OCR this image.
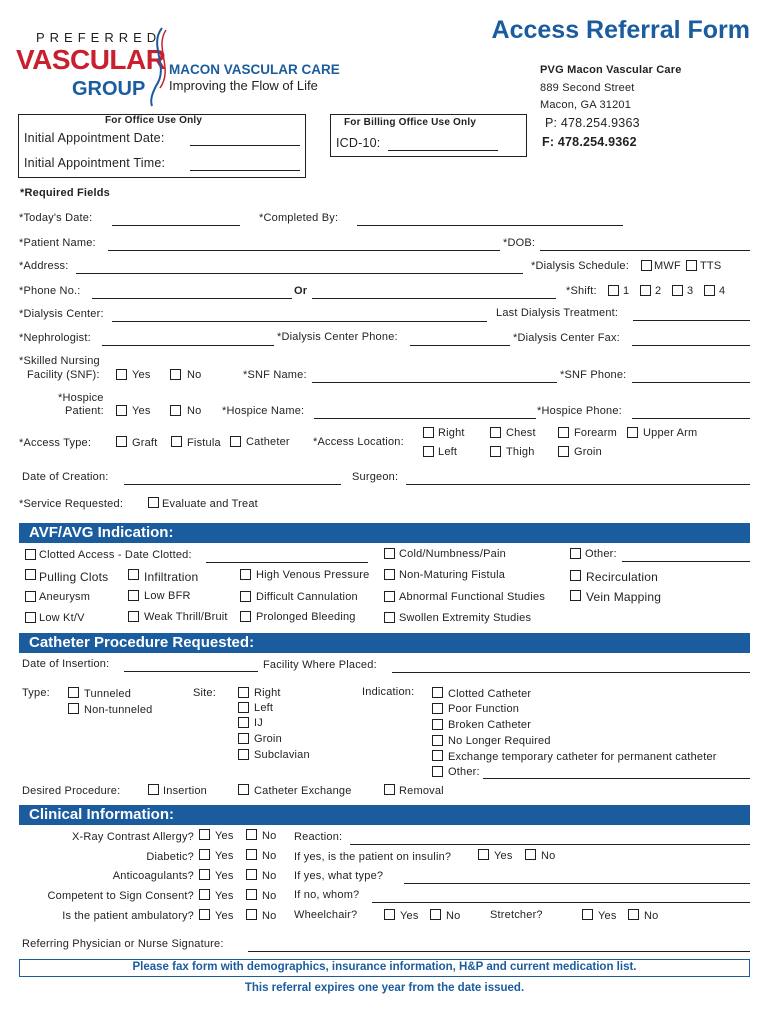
PREFERRED
VASCULAR
GROUP
MACON VASCULAR CARE
Improving the Flow of Life
Access Referral Form
PVG Macon Vascular Care
889 Second Street
Macon, GA 31201
P: 478.254.9363
F: 478.254.9362
For Office Use Only
Initial Appointment Date:
Initial Appointment Time:
For Billing Office Use Only
ICD-10:
*Required Fields
*Today's Date:	*Completed By:
*Patient Name:	*DOB:
*Address:	*Dialysis Schedule: MWF TTS
*Phone No.:	Or	*Shift: 1 2 3 4
*Dialysis Center:	Last Dialysis Treatment:
*Nephrologist:	*Dialysis Center Phone:	*Dialysis Center Fax:
*Skilled Nursing
Facility (SNF):	Yes	No	*SNF Name:	*SNF Phone:
*Hospice
Patient:	Yes	No *Hospice Name:	*Hospice Phone:
*Access Type:	Graft	Fistula Catheter *Access Location:
Right
Left
Chest
Thigh
Forearm Upper Arm
Groin
Date of Creation:	Surgeon:
*Service Requested:	Evaluate and Treat
AVF/AVG Indication:
Clotted Access - Date Clotted:	Cold/Numbness/Pain	Other:
Pulling Clots	Infiltration	High Venous Pressure	Non-Maturing Fistula	Recirculation
Aneurysm	Low BFR	Difficult Cannulation	Abnormal Functional Studies	Vein Mapping
Low Kt/V	Weak Thrill/Bruit	Prolonged Bleeding	Swollen Extremity Studies
Catheter Procedure Requested:
Date of Insertion:	Facility Where Placed:
Type:	Tunneled
Non-tunneled
Site:	Right
Left
IJ
Groin
Subclavian
Indication:	Clotted Catheter
Poor Function
Broken Catheter
No Longer Required
Exchange temporary catheter for permanent catheter
Other:
Desired Procedure:	Insertion	Catheter Exchange	Removal
Clinical Information:
X-Ray Contrast Allergy? Yes	No Reaction:
Diabetic? Yes	No If yes, is the patient on insulin?	Yes	No
Anticoagulants? Yes	No If yes, what type?
Competent to Sign Consent? Yes	No If no, whom?
Is the patient ambulatory? Yes	No Wheelchair?	Yes No	Stretcher?	Yes No
Referring Physician or Nurse Signature:
Please fax form with demographics, insurance information, H&P and current medication list.
This referral expires one year from the date issued.
